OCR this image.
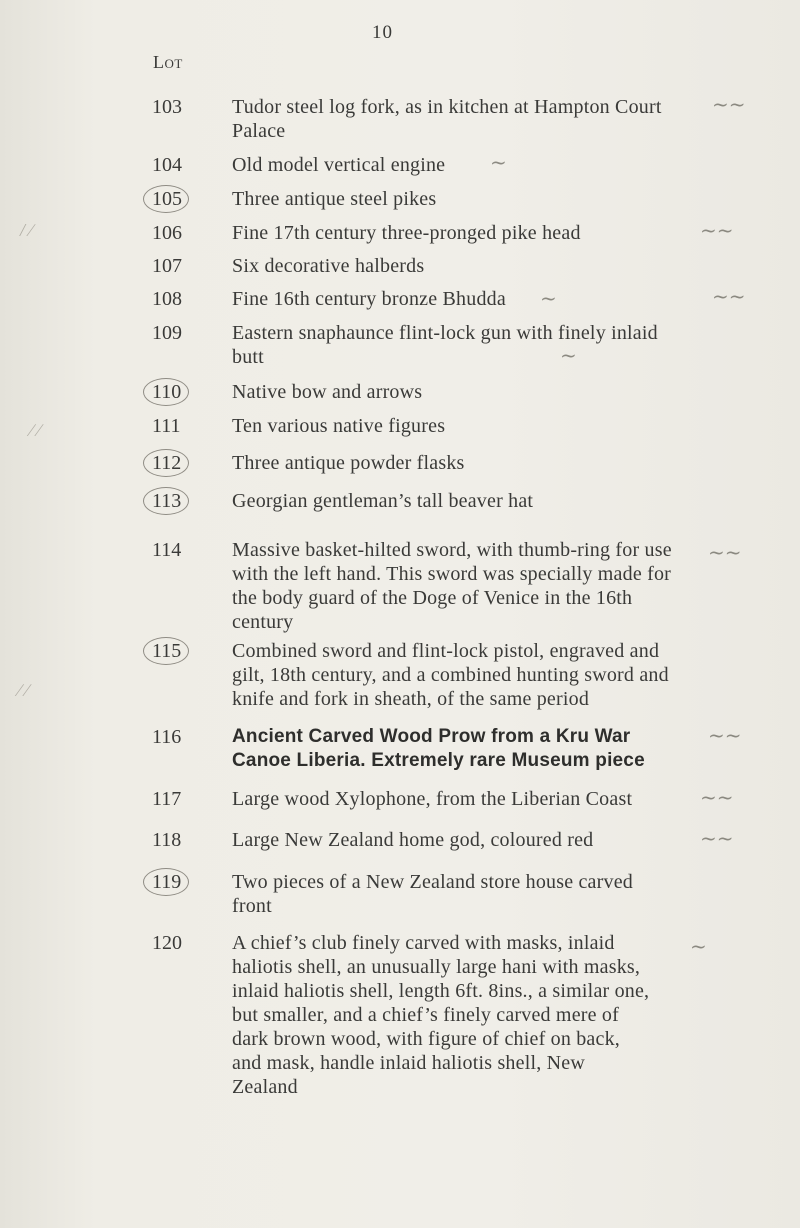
10
Lot
103	Tudor steel log fork, as in kitchen at Hampton Court Palace
104	Old model vertical engine
105	Three antique steel pikes
106	Fine 17th century three-pronged pike head
107	Six decorative halberds
108	Fine 16th century bronze Bhudda
109	Eastern snaphaunce flint-lock gun with finely inlaid butt
110	Native bow and arrows
111	Ten various native figures
112	Three antique powder flasks
113	Georgian gentleman’s tall beaver hat
114	Massive basket-hilted sword, with thumb-ring for use with the left hand. This sword was specially made for the body guard of the Doge of Venice in the 16th century
115	Combined sword and flint-lock pistol, engraved and gilt, 18th century, and a combined hunting sword and knife and fork in sheath, of the same period
116	Ancient Carved Wood Prow from a Kru War Canoe Liberia. Extremely rare Museum piece
117	Large wood Xylophone, from the Liberian Coast
118	Large New Zealand home god, coloured red
119	Two pieces of a New Zealand store house carved front
120	A chief’s club finely carved with masks, inlaid haliotis shell, an unusually large hani with masks, inlaid haliotis shell, length 6ft. 8ins., a similar one, but smaller, and a chief’s finely carved mere of dark brown wood, with figure of chief on back, and mask, handle inlaid haliotis shell, New Zealand
~~
~
~~
~	~~
~
~~
~~
~~
~~
~
/ ∕
∕ ∕
∕ ∕
